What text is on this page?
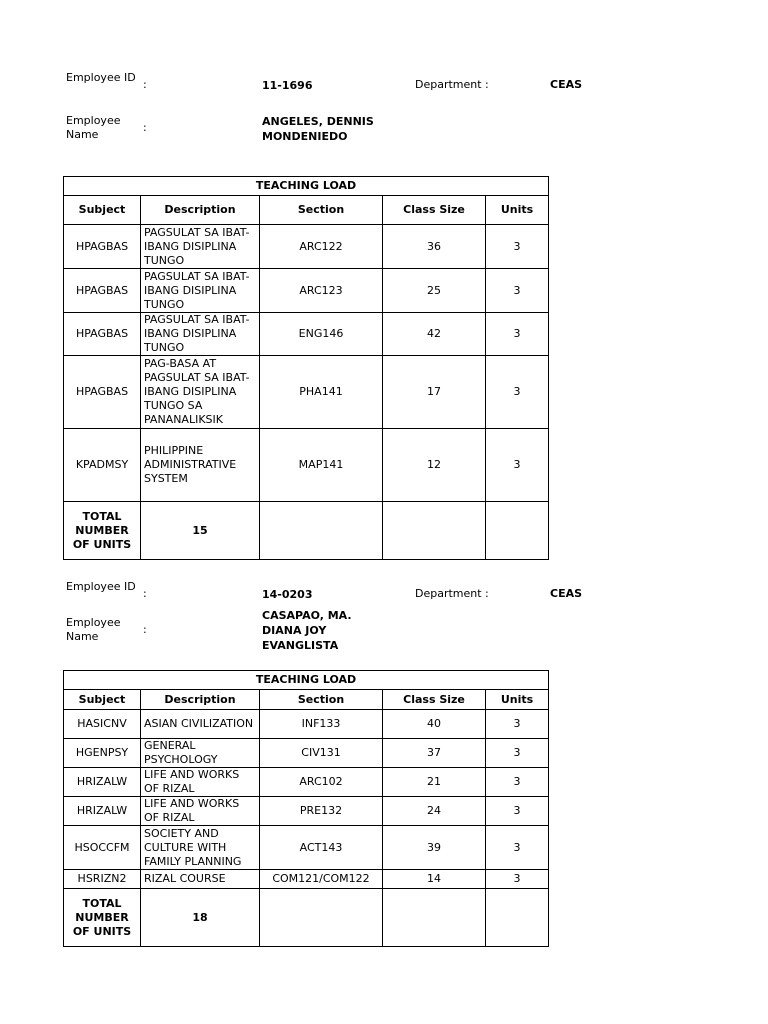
Employee ID
:	11-1696	Department :	CEAS
Employee Name
:	ANGELES, DENNIS MONDENIEDO
TEACHING LOAD				
Subject	Description	Section	Class Size	Units
HPAGBAS	PAGSULAT SA IBAT-IBANG DISIPLINA TUNGO	ARC122	36	3
HPAGBAS	PAGSULAT SA IBAT-IBANG DISIPLINA TUNGO	ARC123	25	3
HPAGBAS	PAGSULAT SA IBAT-IBANG DISIPLINA TUNGO	ENG146	42	3
HPAGBAS	PAG-BASA AT PAGSULAT SA IBAT-IBANG DISIPLINA TUNGO SA PANANALIKSIK	PHA141	17	3
KPADMSY	PHILIPPINE ADMINISTRATIVE SYSTEM	MAP141	12	3
TOTAL NUMBER OF UNITS	15			
Employee ID
:	14-0203	Department :	CEAS
Employee Name
:
CASAPAO, MA. DIANA JOY EVANGLISTA
TEACHING LOAD				
Subject	Description	Section	Class Size	Units
HASICNV	ASIAN CIVILIZATION	INF133	40	3
HGENPSY	GENERAL PSYCHOLOGY	CIV131	37	3
HRIZALW	LIFE AND WORKS OF RIZAL	ARC102	21	3
HRIZALW	LIFE AND WORKS OF RIZAL	PRE132	24	3
HSOCCFM	SOCIETY AND CULTURE WITH FAMILY PLANNING	ACT143	39	3
HSRIZN2	RIZAL COURSE	COM121/COM122	14	3
TOTAL NUMBER OF UNITS	18			
